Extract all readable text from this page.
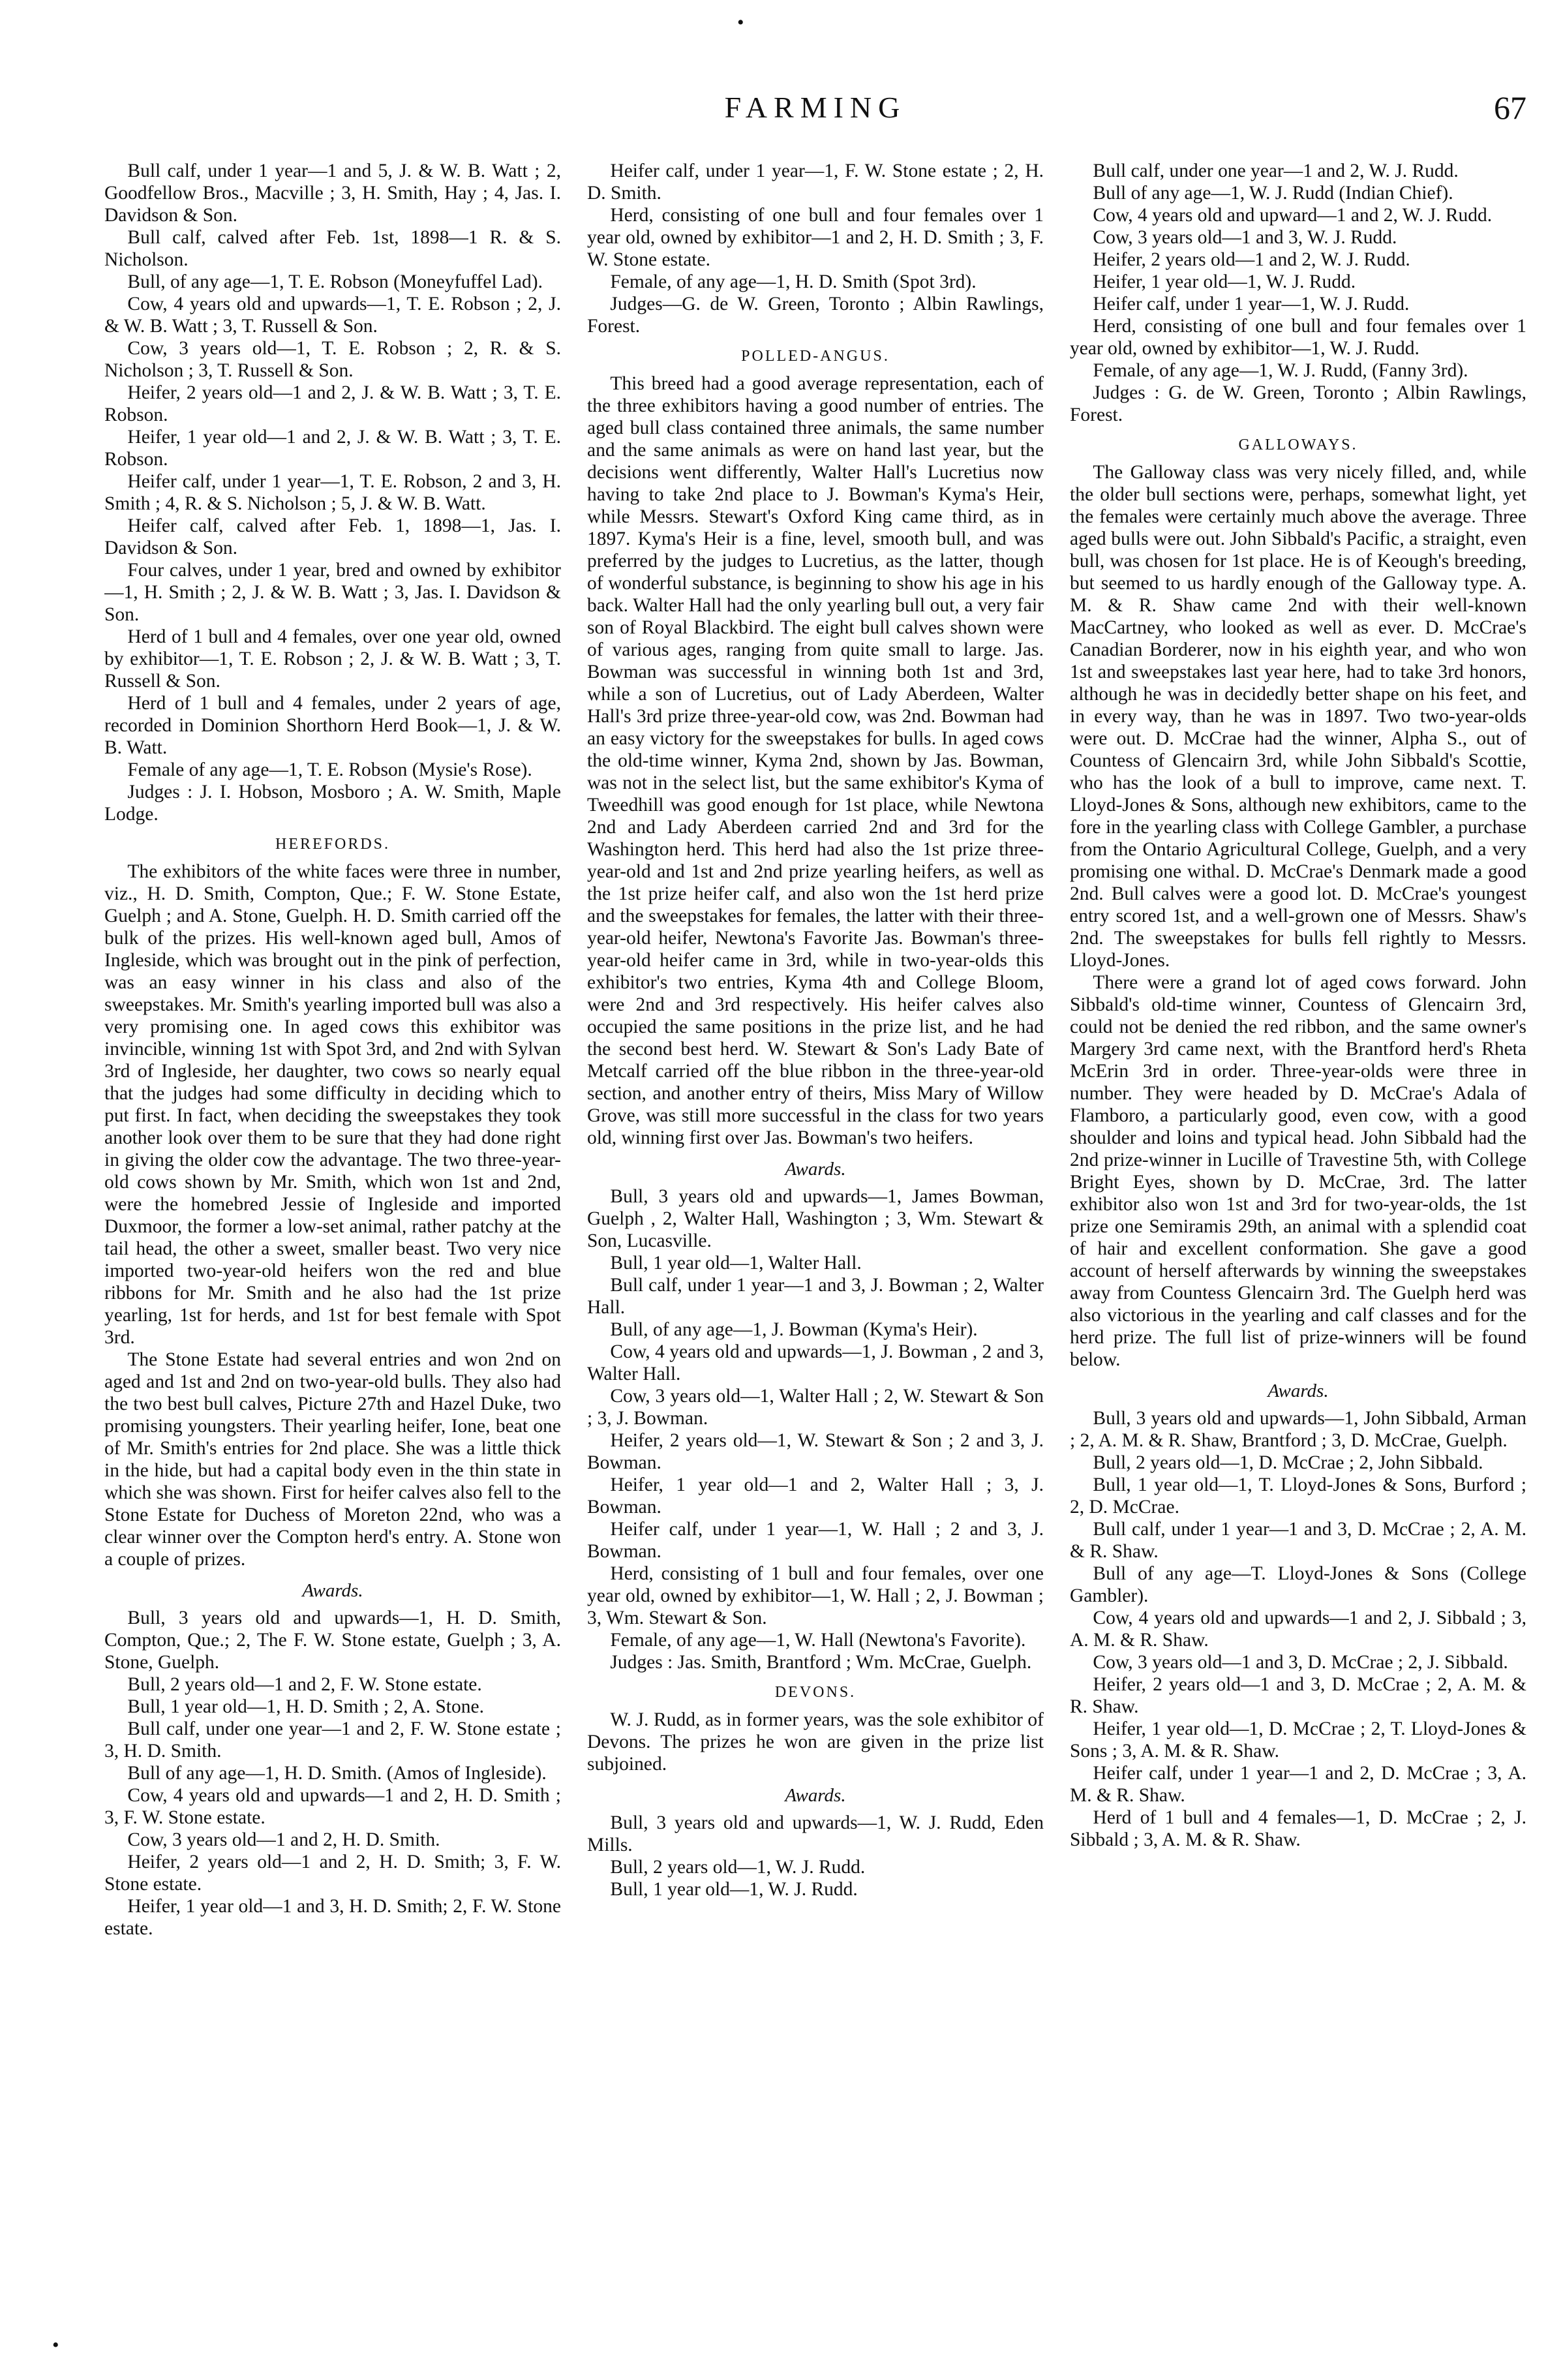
•
•
FARMING	67

Bull calf, under 1 year—1 and 5, J. & W. B. Watt ; 2, Goodfellow Bros., Macville ; 3, H. Smith, Hay ; 4, Jas. I. Davidson & Son.

Bull calf, calved after Feb. 1st, 1898—1 R. & S. Nicholson.

Bull, of any age—1, T. E. Robson (Moneyfuffel Lad).

Cow, 4 years old and upwards—1, T. E. Robson ; 2, J. & W. B. Watt ; 3, T. Russell & Son.

Cow, 3 years old—1, T. E. Robson ; 2, R. & S. Nicholson ; 3, T. Russell & Son.

Heifer, 2 years old—1 and 2, J. & W. B. Watt ; 3, T. E. Robson.

Heifer, 1 year old—1 and 2, J. & W. B. Watt ; 3, T. E. Robson.

Heifer calf, under 1 year—1, T. E. Robson, 2 and 3, H. Smith ; 4, R. & S. Nicholson ; 5, J. & W. B. Watt.

Heifer calf, calved after Feb. 1, 1898—1, Jas. I. Davidson & Son.

Four calves, under 1 year, bred and owned by exhibitor—1, H. Smith ; 2, J. & W. B. Watt ; 3, Jas. I. Davidson & Son.

Herd of 1 bull and 4 females, over one year old, owned by exhibitor—1, T. E. Robson ; 2, J. & W. B. Watt ; 3, T. Russell & Son.

Herd of 1 bull and 4 females, under 2 years of age, recorded in Dominion Shorthorn Herd Book—1, J. & W. B. Watt.

Female of any age—1, T. E. Robson (Mysie's Rose).

Judges : J. I. Hobson, Mosboro ; A. W. Smith, Maple Lodge.

HEREFORDS.

The exhibitors of the white faces were three in number, viz., H. D. Smith, Compton, Que.; F. W. Stone Estate, Guelph ; and A. Stone, Guelph. H. D. Smith carried off the bulk of the prizes. His well-known aged bull, Amos of Ingleside, which was brought out in the pink of perfection, was an easy winner in his class and also of the sweepstakes. Mr. Smith's yearling imported bull was also a very promising one. In aged cows this exhibitor was invincible, winning 1st with Spot 3rd, and 2nd with Sylvan 3rd of Ingleside, her daughter, two cows so nearly equal that the judges had some difficulty in deciding which to put first. In fact, when deciding the sweepstakes they took another look over them to be sure that they had done right in giving the older cow the advantage. The two three-year-old cows shown by Mr. Smith, which won 1st and 2nd, were the homebred Jessie of Ingleside and imported Duxmoor, the former a low-set animal, rather patchy at the tail head, the other a sweet, smaller beast. Two very nice imported two-year-old heifers won the red and blue ribbons for Mr. Smith and he also had the 1st prize yearling, 1st for herds, and 1st for best female with Spot 3rd.

The Stone Estate had several entries and won 2nd on aged and 1st and 2nd on two-year-old bulls. They also had the two best bull calves, Picture 27th and Hazel Duke, two promising youngsters. Their yearling heifer, Ione, beat one of Mr. Smith's entries for 2nd place. She was a little thick in the hide, but had a capital body even in the thin state in which she was shown. First for heifer calves also fell to the Stone Estate for Duchess of Moreton 22nd, who was a clear winner over the Compton herd's entry. A. Stone won a couple of prizes.

Awards.

Bull, 3 years old and upwards—1, H. D. Smith, Compton, Que.; 2, The F. W. Stone estate, Guelph ; 3, A. Stone, Guelph.

Bull, 2 years old—1 and 2, F. W. Stone estate.

Bull, 1 year old—1, H. D. Smith ; 2, A. Stone.

Bull calf, under one year—1 and 2, F. W. Stone estate ; 3, H. D. Smith.

Bull of any age—1, H. D. Smith. (Amos of Ingleside).

Cow, 4 years old and upwards—1 and 2, H. D. Smith ; 3, F. W. Stone estate.

Cow, 3 years old—1 and 2, H. D. Smith.

Heifer, 2 years old—1 and 2, H. D. Smith; 3, F. W. Stone estate.

Heifer, 1 year old—1 and 3, H. D. Smith; 2, F. W. Stone estate.

Heifer calf, under 1 year—1, F. W. Stone estate ; 2, H. D. Smith.

Herd, consisting of one bull and four females over 1 year old, owned by exhibitor—1 and 2, H. D. Smith ; 3, F. W. Stone estate.

Female, of any age—1, H. D. Smith (Spot 3rd).

Judges—G. de W. Green, Toronto ; Albin Rawlings, Forest.

POLLED-ANGUS.

This breed had a good average representation, each of the three exhibitors having a good number of entries. The aged bull class contained three animals, the same number and the same animals as were on hand last year, but the decisions went differently, Walter Hall's Lucretius now having to take 2nd place to J. Bowman's Kyma's Heir, while Messrs. Stewart's Oxford King came third, as in 1897. Kyma's Heir is a fine, level, smooth bull, and was preferred by the judges to Lucretius, as the latter, though of wonderful substance, is beginning to show his age in his back. Walter Hall had the only yearling bull out, a very fair son of Royal Blackbird. The eight bull calves shown were of various ages, ranging from quite small to large. Jas. Bowman was successful in winning both 1st and 3rd, while a son of Lucretius, out of Lady Aberdeen, Walter Hall's 3rd prize three-year-old cow, was 2nd. Bowman had an easy victory for the sweepstakes for bulls. In aged cows the old-time winner, Kyma 2nd, shown by Jas. Bowman, was not in the select list, but the same exhibitor's Kyma of Tweedhill was good enough for 1st place, while Newtona 2nd and Lady Aberdeen carried 2nd and 3rd for the Washington herd. This herd had also the 1st prize three-year-old and 1st and 2nd prize yearling heifers, as well as the 1st prize heifer calf, and also won the 1st herd prize and the sweepstakes for females, the latter with their three-year-old heifer, Newtona's Favorite Jas. Bowman's three-year-old heifer came in 3rd, while in two-year-olds this exhibitor's two entries, Kyma 4th and College Bloom, were 2nd and 3rd respectively. His heifer calves also occupied the same positions in the prize list, and he had the second best herd. W. Stewart & Son's Lady Bate of Metcalf carried off the blue ribbon in the three-year-old section, and another entry of theirs, Miss Mary of Willow Grove, was still more successful in the class for two years old, winning first over Jas. Bowman's two heifers.

Awards.

Bull, 3 years old and upwards—1, James Bowman, Guelph , 2, Walter Hall, Washington ; 3, Wm. Stewart & Son, Lucasville.

Bull, 1 year old—1, Walter Hall.

Bull calf, under 1 year—1 and 3, J. Bowman ; 2, Walter Hall.

Bull, of any age—1, J. Bowman (Kyma's Heir).

Cow, 4 years old and upwards—1, J. Bowman , 2 and 3, Walter Hall.

Cow, 3 years old—1, Walter Hall ; 2, W. Stewart & Son ; 3, J. Bowman.

Heifer, 2 years old—1, W. Stewart & Son ; 2 and 3, J. Bowman.

Heifer, 1 year old—1 and 2, Walter Hall ; 3, J. Bowman.

Heifer calf, under 1 year—1, W. Hall ; 2 and 3, J. Bowman.

Herd, consisting of 1 bull and four females, over one year old, owned by exhibitor—1, W. Hall ; 2, J. Bowman ; 3, Wm. Stewart & Son.

Female, of any age—1, W. Hall (Newtona's Favorite).

Judges : Jas. Smith, Brantford ; Wm. McCrae, Guelph.

DEVONS.

W. J. Rudd, as in former years, was the sole exhibitor of Devons. The prizes he won are given in the prize list subjoined.

Awards.

Bull, 3 years old and upwards—1, W. J. Rudd, Eden Mills.

Bull, 2 years old—1, W. J. Rudd.

Bull, 1 year old—1, W. J. Rudd.

Bull calf, under one year—1 and 2, W. J. Rudd.

Bull of any age—1, W. J. Rudd (Indian Chief).

Cow, 4 years old and upward—1 and 2, W. J. Rudd.

Cow, 3 years old—1 and 3, W. J. Rudd.

Heifer, 2 years old—1 and 2, W. J. Rudd.

Heifer, 1 year old—1, W. J. Rudd.

Heifer calf, under 1 year—1, W. J. Rudd.

Herd, consisting of one bull and four females over 1 year old, owned by exhibitor—1, W. J. Rudd.

Female, of any age—1, W. J. Rudd, (Fanny 3rd).

Judges : G. de W. Green, Toronto ; Albin Rawlings, Forest.

GALLOWAYS.

The Galloway class was very nicely filled, and, while the older bull sections were, perhaps, somewhat light, yet the females were certainly much above the average. Three aged bulls were out. John Sibbald's Pacific, a straight, even bull, was chosen for 1st place. He is of Keough's breeding, but seemed to us hardly enough of the Galloway type. A. M. & R. Shaw came 2nd with their well-known MacCartney, who looked as well as ever. D. McCrae's Canadian Borderer, now in his eighth year, and who won 1st and sweepstakes last year here, had to take 3rd honors, although he was in decidedly better shape on his feet, and in every way, than he was in 1897. Two two-year-olds were out. D. McCrae had the winner, Alpha S., out of Countess of Glencairn 3rd, while John Sibbald's Scottie, who has the look of a bull to improve, came next. T. Lloyd-Jones & Sons, although new exhibitors, came to the fore in the yearling class with College Gambler, a purchase from the Ontario Agricultural College, Guelph, and a very promising one withal. D. McCrae's Denmark made a good 2nd. Bull calves were a good lot. D. McCrae's youngest entry scored 1st, and a well-grown one of Messrs. Shaw's 2nd. The sweepstakes for bulls fell rightly to Messrs. Lloyd-Jones.

There were a grand lot of aged cows forward. John Sibbald's old-time winner, Countess of Glencairn 3rd, could not be denied the red ribbon, and the same owner's Margery 3rd came next, with the Brantford herd's Rheta McErin 3rd in order. Three-year-olds were three in number. They were headed by D. McCrae's Adala of Flamboro, a particularly good, even cow, with a good shoulder and loins and typical head. John Sibbald had the 2nd prize-winner in Lucille of Travestine 5th, with College Bright Eyes, shown by D. McCrae, 3rd. The latter exhibitor also won 1st and 3rd for two-year-olds, the 1st prize one Semiramis 29th, an animal with a splendid coat of hair and excellent conformation. She gave a good account of herself afterwards by winning the sweepstakes away from Countess Glencairn 3rd. The Guelph herd was also victorious in the yearling and calf classes and for the herd prize. The full list of prize-winners will be found below.

Awards.

Bull, 3 years old and upwards—1, John Sibbald, Arman ; 2, A. M. & R. Shaw, Brantford ; 3, D. McCrae, Guelph.

Bull, 2 years old—1, D. McCrae ; 2, John Sibbald.

Bull, 1 year old—1, T. Lloyd-Jones & Sons, Burford ; 2, D. McCrae.

Bull calf, under 1 year—1 and 3, D. McCrae ; 2, A. M. & R. Shaw.

Bull of any age—T. Lloyd-Jones & Sons (College Gambler).

Cow, 4 years old and upwards—1 and 2, J. Sibbald ; 3, A. M. & R. Shaw.

Cow, 3 years old—1 and 3, D. McCrae ; 2, J. Sibbald.

Heifer, 2 years old—1 and 3, D. McCrae ; 2, A. M. & R. Shaw.

Heifer, 1 year old—1, D. McCrae ; 2, T. Lloyd-Jones & Sons ; 3, A. M. & R. Shaw.

Heifer calf, under 1 year—1 and 2, D. McCrae ; 3, A. M. & R. Shaw.

Herd of 1 bull and 4 females—1, D. McCrae ; 2, J. Sibbald ; 3, A. M. & R. Shaw.
